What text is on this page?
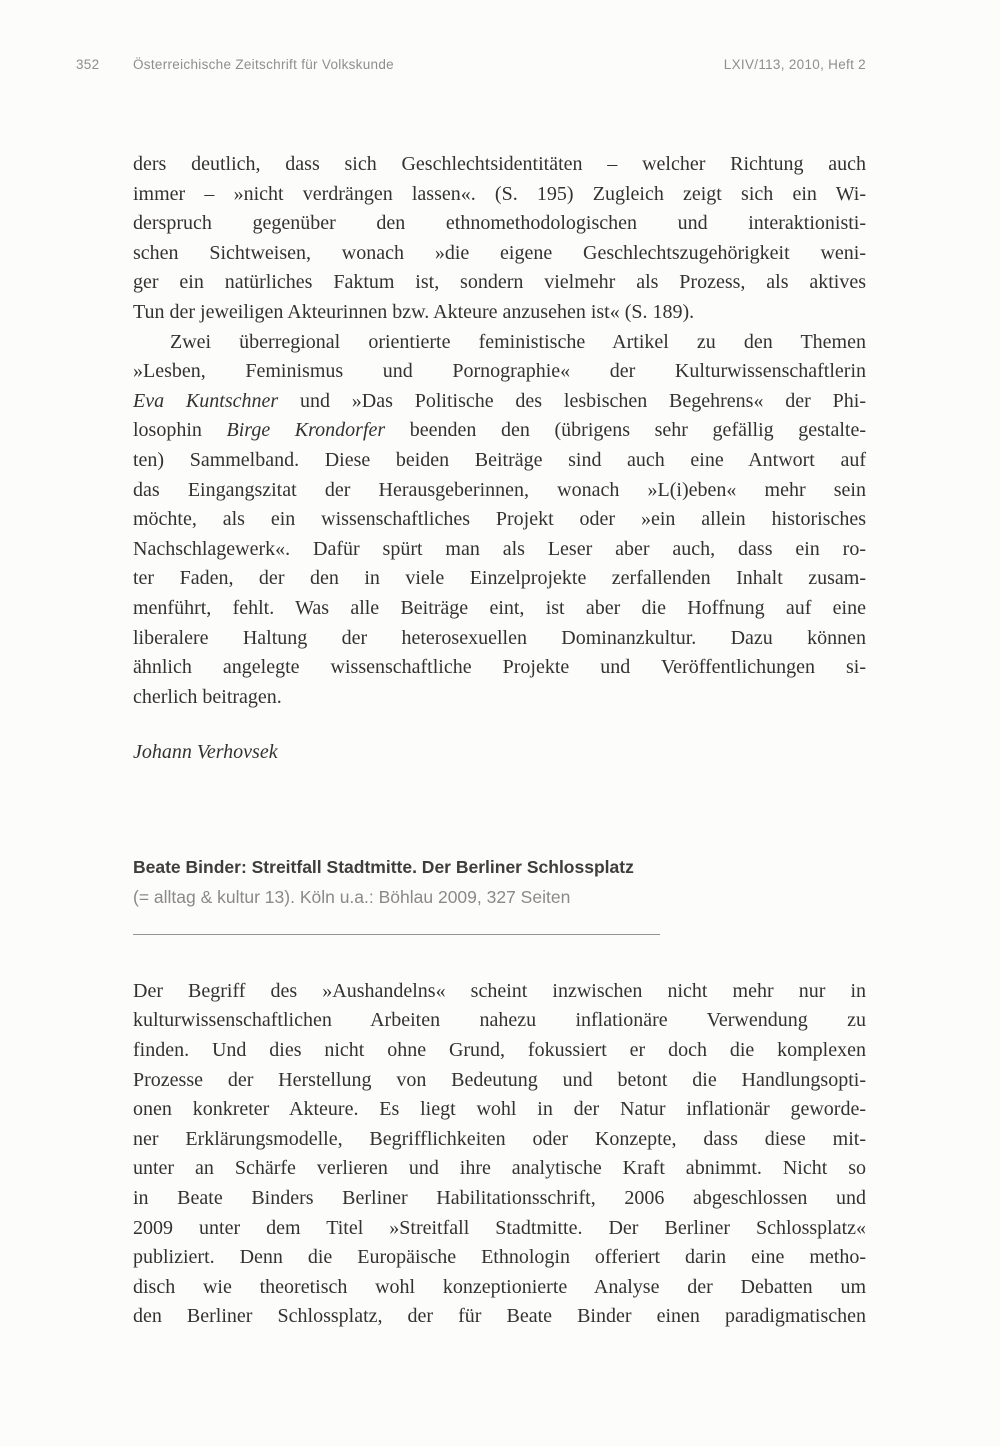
352	Österreichische Zeitschrift für Volkskunde	LXIV/113, 2010, Heft 2
ders deutlich, dass sich Geschlechtsidentitäten – welcher Richtung auch
immer – »nicht verdrängen lassen«. (S. 195) Zugleich zeigt sich ein Wi-
derspruch gegenüber den ethnomethodologischen und interaktionisti-
schen Sichtweisen, wonach »die eigene Geschlechtszugehörigkeit weni-
ger ein natürliches Faktum ist, sondern vielmehr als Prozess, als aktives
Tun der jeweiligen Akteurinnen bzw. Akteure anzusehen ist« (S. 189).
Zwei überregional orientierte feministische Artikel zu den Themen
»Lesben, Feminismus und Pornographie« der Kulturwissenschaftlerin
Eva Kuntschner und »Das Politische des lesbischen Begehrens« der Phi-
losophin Birge Krondorfer beenden den (übrigens sehr gefällig gestalte-
ten) Sammelband. Diese beiden Beiträge sind auch eine Antwort auf
das Eingangszitat der Herausgeberinnen, wonach »L(i)eben« mehr sein
möchte, als ein wissenschaftliches Projekt oder »ein allein historisches
Nachschlagewerk«. Dafür spürt man als Leser aber auch, dass ein ro-
ter Faden, der den in viele Einzelprojekte zerfallenden Inhalt zusam-
menführt, fehlt. Was alle Beiträge eint, ist aber die Hoffnung auf eine
liberalere Haltung der heterosexuellen Dominanzkultur. Dazu können
ähnlich angelegte wissenschaftliche Projekte und Veröffentlichungen si-
cherlich beitragen.
Johann Verhovsek
Beate Binder: Streitfall Stadtmitte. Der Berliner Schlossplatz
(= alltag & kultur 13). Köln u.a.: Böhlau 2009, 327 Seiten
Der Begriff des »Aushandelns« scheint inzwischen nicht mehr nur in
kulturwissenschaftlichen Arbeiten nahezu inflationäre Verwendung zu
finden. Und dies nicht ohne Grund, fokussiert er doch die komplexen
Prozesse der Herstellung von Bedeutung und betont die Handlungsopti-
onen konkreter Akteure. Es liegt wohl in der Natur inflationär geworde-
ner Erklärungsmodelle, Begrifflichkeiten oder Konzepte, dass diese mit-
unter an Schärfe verlieren und ihre analytische Kraft abnimmt. Nicht so
in Beate Binders Berliner Habilitationsschrift, 2006 abgeschlossen und
2009 unter dem Titel »Streitfall Stadtmitte. Der Berliner Schlossplatz«
publiziert. Denn die Europäische Ethnologin offeriert darin eine metho-
disch wie theoretisch wohl konzeptionierte Analyse der Debatten um
den Berliner Schlossplatz, der für Beate Binder einen paradigmatischen
